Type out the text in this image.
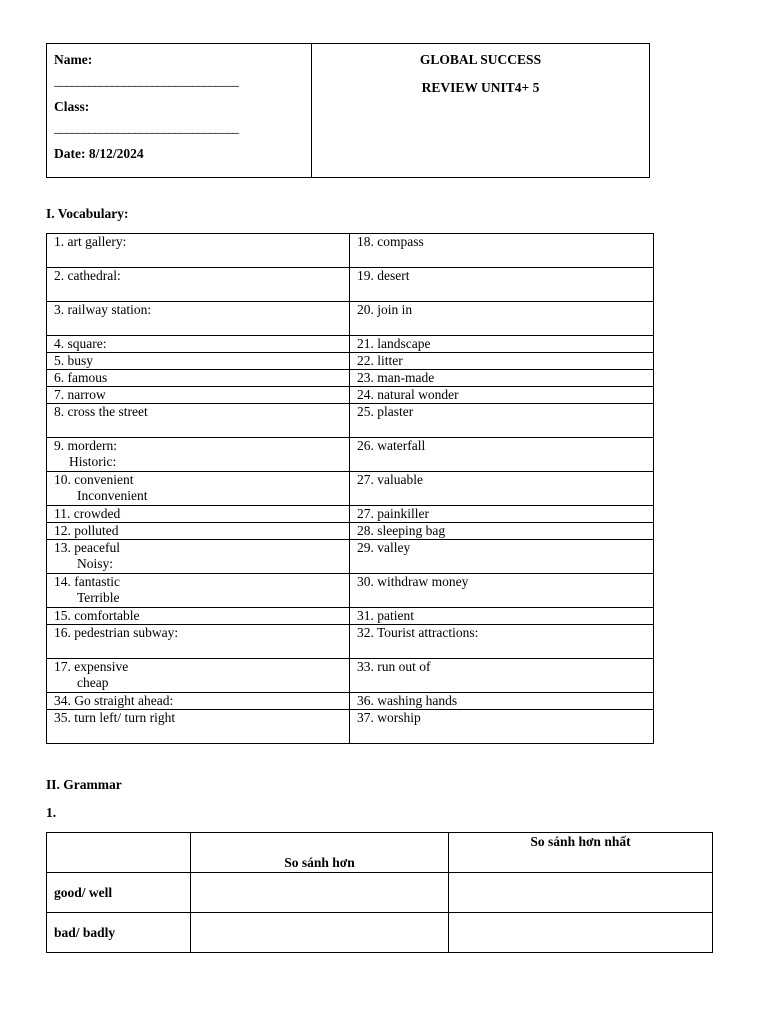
Name:
________________________________
Class:
________________________________
Date: 8/12/2024
GLOBAL SUCCESS
REVIEW UNIT4+ 5
I. Vocabulary:
1. art gallery:	18. compass

2. cathedral:	19. desert

3. railway station:	20. join in

4. square:	21. landscape

5. busy	22. litter

6. famous	23. man-made

7. narrow	24. natural wonder

8. cross the street	25. plaster

9. mordern:
Historic:	26. waterfall

10. convenient
Inconvenient	27. valuable

11. crowded	27. painkiller

12. polluted	28. sleeping bag

13. peaceful
Noisy:	29. valley

14. fantastic
Terrible	30. withdraw money

15. comfortable	31. patient

16. pedestrian subway:	32. Tourist attractions:

17. expensive
cheap	33. run out of

34. Go straight ahead:	36. washing hands

35. turn left/ turn right	37. worship
II. Grammar
1.
	So sánh hơn	So sánh hơn nhất
good/ well		
bad/ badly		
